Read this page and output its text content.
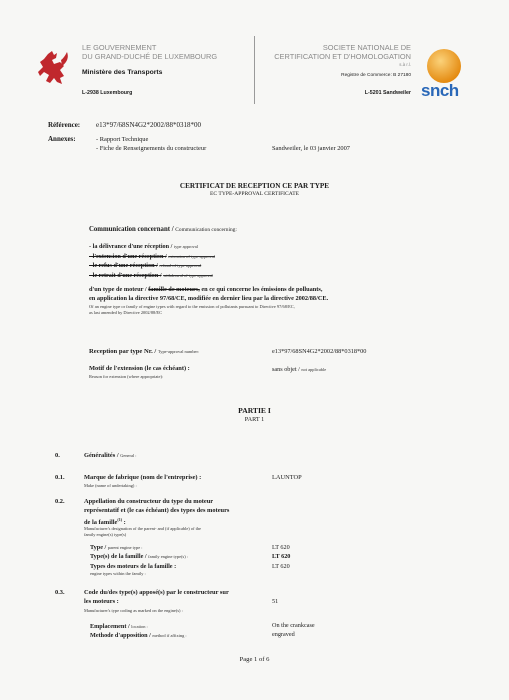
LE GOUVERNEMENT
DU GRAND-DUCHÉ DE LUXEMBOURG
Ministère des Transports
L-2938 Luxembourg
SOCIETE NATIONALE DE
CERTIFICATION ET D'HOMOLOGATION
s.à r.l.
Registre de Commerce: B 27180
L-5201 Sandweiler snch
Référence: e13*97/68SN4G2*2002/88*0318*00
Annexes:	- Rapport Technique
- Fiche de Renseignements du constructeur	Sandweiler, le 03 janvier 2007
CERTIFICAT DE RECEPTION CE PAR TYPE
EC TYPE-APPROVAL CERTIFICATE
Communication concernant / Communication concerning:
- la délivrance d'une réception / type approval
- l'extension d'une réception / extension of type approval
- le refus d'une réception / refusal of type approval
- le retrait d'une réception / withdrawal of type approval
d'un type de moteur / famille de moteurs, en ce qui concerne les émissions de polluants,
en application la directive 97/68/CE, modifiée en dernier lieu par la directive 2002/88/CE.
Of an engine type or family of engine types with regard to the emission of pollutants pursuant to Directive 97/68/EC,
as last amended by Directive 2002/88/EC
Reception par type Nr. / Type-approval number:	e13*97/68SN4G2*2002/88*0318*00
Motif de l'extension (le cas échéant) :
Reason for extension (where appropriate):
sans objet / not applicable
PARTIE I
PART 1
0.	Généralités / General :
0.1.	Marque de fabrique (nom de l'entreprise) :
Make (name of undertaking) :
LAUNTOP
0.2.	Appellation du constructeur du type du moteur
représentatif et (le cas échéant) des types des moteurs
de la famille$^{(1)}$ :
Manufacturer's designation of the parent- and (if applicable) of the
family engine(s) type(s)
Type / parent engine type :	LT 620
Type(s) de la famille / family engine type(s) :	LT 620
Types des moteurs de la famille :
engine types within the family :
LT 620
0.3.	Code du/des type(s) apposé(s) par le constructeur sur
les moteurs :
Manufacturer's type coding as marked on the engine(s) :
51
Emplacement / location :	On the crankcase
Methode d'apposition / method if affixing :	engraved
Page 1 of 6
